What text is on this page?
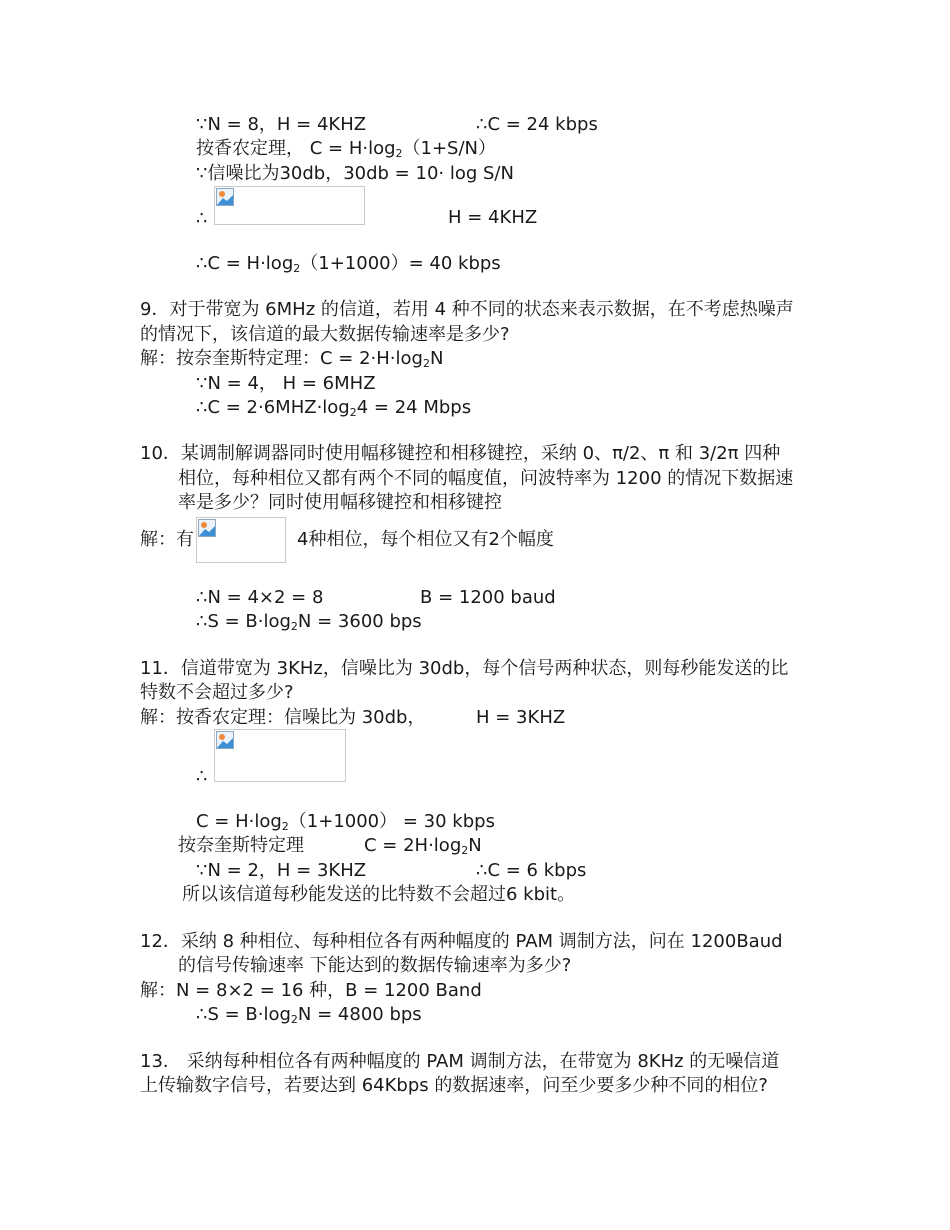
∵N = 8，H = 4KHZ	∴C = 24 kbps
按香农定理， $C = H\cdot\log_2(1+S/N)$
∵信噪比为30db，30db = 10· log S/N
∴	H = 4KHZ
∴C = $H\cdot\log_2(1+1000)= 40$ kbps
9．对于带宽为 6MHz 的信道，若用 4 种不同的状态来表示数据，在不考虑热噪声
的情况下，该信道的最大数据传输速率是多少?
解：按奈奎斯特定理：$C = 2\cdot H\cdot\log_2N$
∵N = 4， H = 6MHZ
∴C = $2\cdot 6MHZ\cdot\log_24 = 24$ Mbps
10．某调制解调器同时使用幅移键控和相移键控，采纳 0、π/2、π 和 3/2π 四种
相位，每种相位又都有两个不同的幅度值，问波特率为 1200 的情况下数据速
率是多少？同时使用幅移键控和相移键控
解：有	4种相位，每个相位又有2个幅度
∴N = 4×2 = 8	B = 1200 baud
∴S = $B\cdot\log_2N = 3600$ bps
11．信道带宽为 3KHz，信噪比为 30db，每个信号两种状态，则每秒能发送的比
特数不会超过多少?
解：按香农定理：信噪比为 30db，	H = 3KHZ
∴
$C = H\cdot\log_2(1+1000) = 30$ kbps
按奈奎斯特定理	$C = 2H\cdot\log_2N$
∵N = 2，H = 3KHZ	∴C = 6 kbps
所以该信道每秒能发送的比特数不会超过6 kbit。
12．采纳 8 种相位、每种相位各有两种幅度的 PAM 调制方法，问在 1200Baud
的信号传输速率 下能达到的数据传输速率为多少?
解：N = 8×2 = 16 种，B = 1200 Band
∴S = $B\cdot\log_2N = 4800$ bps
13． 采纳每种相位各有两种幅度的 PAM 调制方法，在带宽为 8KHz 的无噪信道
上传输数字信号，若要达到 64Kbps 的数据速率，问至少要多少种不同的相位?
